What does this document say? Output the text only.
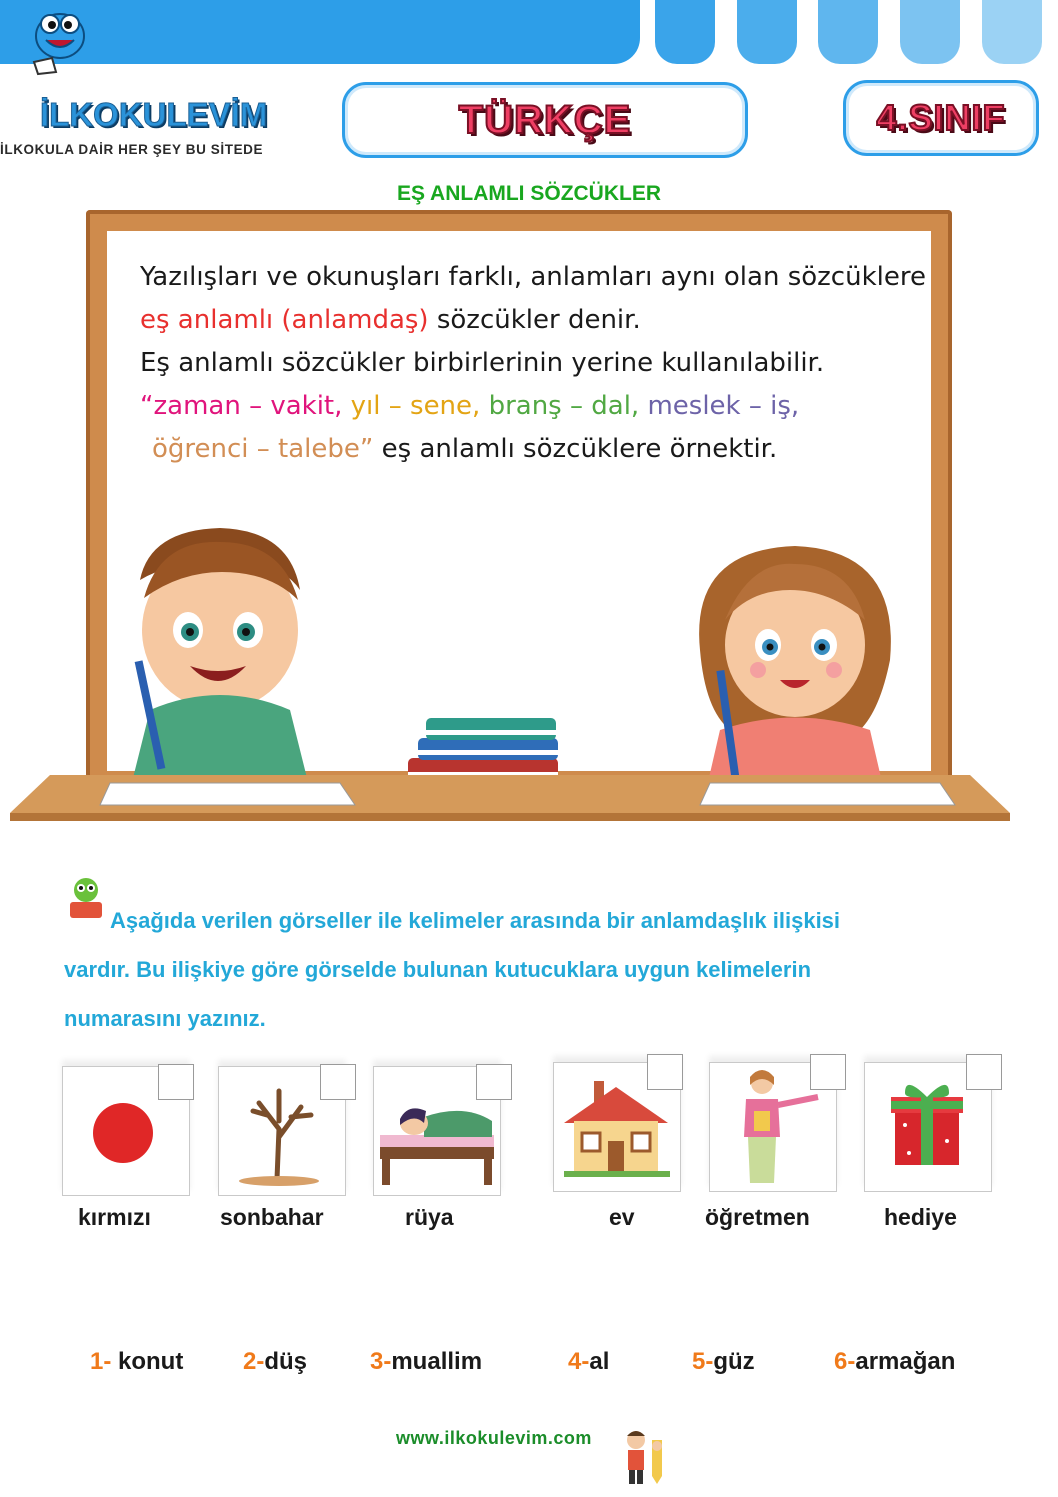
İLKOKULEVİM
İLKOKULA DAİR HER ŞEY BU SİTEDE
TÜRKÇE	4.SINIF
EŞ ANLAMLI SÖZCÜKLER

Yazılışları ve okunuşları farklı, anlamları aynı olan sözcüklere

eş anlamlı (anlamdaş) sözcükler denir.

Eş anlamlı sözcükler birbirlerinin yerine kullanılabilir.

“zaman – vakit, yıl – sene, branş – dal, meslek – iş,

öğrenci – talebe” eş anlamlı sözcüklere örnektir.

Aşağıda verilen görseller ile kelimeler arasında bir anlamdaşlık ilişkisi

vardır. Bu ilişkiye göre görselde bulunan kutucuklara uygun kelimelerin

numarasını yazınız.

kırmızı	sonbahar	rüya	ev	öğretmen	hediye
1- konut 2-düş	3-muallim	4-al	5-güz	6-armağan
www.ilkokulevim.com
